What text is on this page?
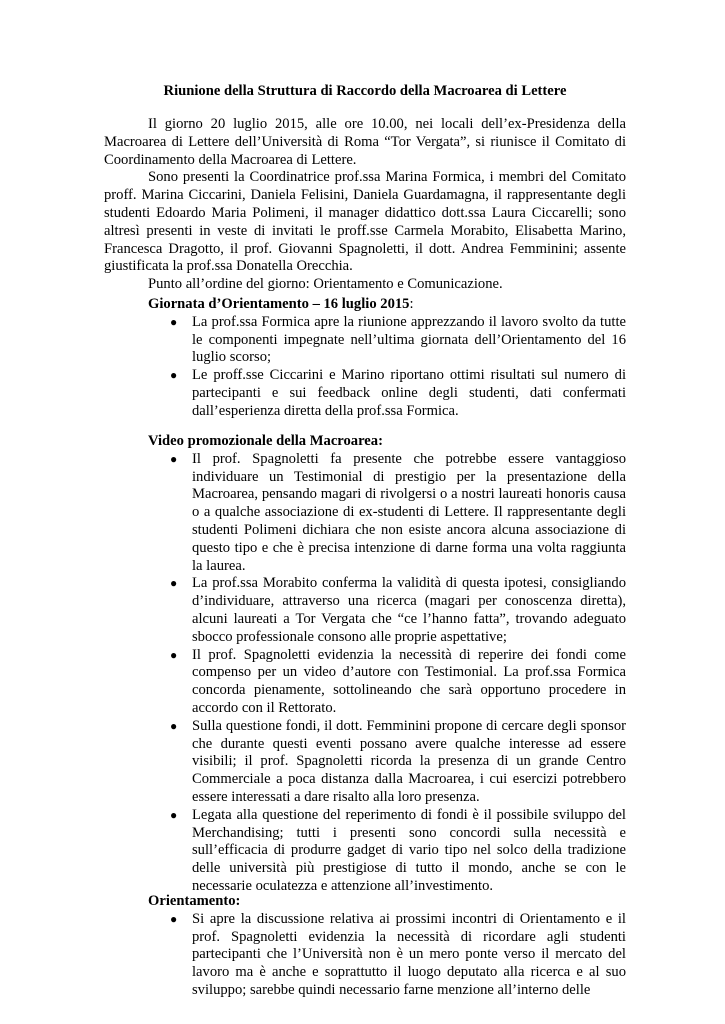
Riunione della Struttura di Raccordo della Macroarea di Lettere

Il giorno 20 luglio 2015, alle ore 10.00, nei locali dell’ex-Presidenza della Macroarea di Lettere dell’Università di Roma “Tor Vergata”, si riunisce il Comitato di Coordinamento della Macroarea di Lettere.

Sono presenti la Coordinatrice prof.ssa Marina Formica, i membri del Comitato proff. Marina Ciccarini, Daniela Felisini, Daniela Guardamagna, il rappresentante degli studenti Edoardo Maria Polimeni, il manager didattico dott.ssa Laura Ciccarelli; sono altresì presenti in veste di invitati le proff.sse Carmela Morabito, Elisabetta Marino, Francesca Dragotto, il prof. Giovanni Spagnoletti, il dott. Andrea Femminini; assente giustificata la prof.ssa Donatella Orecchia.

Punto all’ordine del giorno: Orientamento e Comunicazione.

Giornata d’Orientamento – 16 luglio 2015:

● La prof.ssa Formica apre la riunione apprezzando il lavoro svolto da tutte le componenti impegnate nell’ultima giornata dell’Orientamento del 16 luglio scorso;
● Le proff.sse Ciccarini e Marino riportano ottimi risultati sul numero di partecipanti e sui feedback online degli studenti, dati confermati dall’esperienza diretta della prof.ssa Formica.

Video promozionale della Macroarea:

● Il prof. Spagnoletti fa presente che potrebbe essere vantaggioso individuare un Testimonial di prestigio per la presentazione della Macroarea, pensando magari di rivolgersi o a nostri laureati honoris causa o a qualche associazione di ex-studenti di Lettere. Il rappresentante degli studenti Polimeni dichiara che non esiste ancora alcuna associazione di questo tipo e che è precisa intenzione di darne forma una volta raggiunta la laurea.
● La prof.ssa Morabito conferma la validità di questa ipotesi, consigliando d’individuare, attraverso una ricerca (magari per conoscenza diretta), alcuni laureati a Tor Vergata che “ce l’hanno fatta”, trovando adeguato sbocco professionale consono alle proprie aspettative;
● Il prof. Spagnoletti evidenzia la necessità di reperire dei fondi come compenso per un video d’autore con Testimonial. La prof.ssa Formica concorda pienamente, sottolineando che sarà opportuno procedere in accordo con il Rettorato.
● Sulla questione fondi, il dott. Femminini propone di cercare degli sponsor che durante questi eventi possano avere qualche interesse ad essere visibili; il prof. Spagnoletti ricorda la presenza di un grande Centro Commerciale a poca distanza dalla Macroarea, i cui esercizi potrebbero essere interessati a dare risalto alla loro presenza.
● Legata alla questione del reperimento di fondi è il possibile sviluppo del Merchandising; tutti i presenti sono concordi sulla necessità e sull’efficacia di produrre gadget di vario tipo nel solco della tradizione delle università più prestigiose di tutto il mondo, anche se con le necessarie oculatezza e attenzione all’investimento.

Orientamento:

● Si apre la discussione relativa ai prossimi incontri di Orientamento e il prof. Spagnoletti evidenzia la necessità di ricordare agli studenti partecipanti che l’Università non è un mero ponte verso il mercato del lavoro ma è anche e soprattutto il luogo deputato alla ricerca e al suo sviluppo; sarebbe quindi necessario farne menzione all’interno delle
